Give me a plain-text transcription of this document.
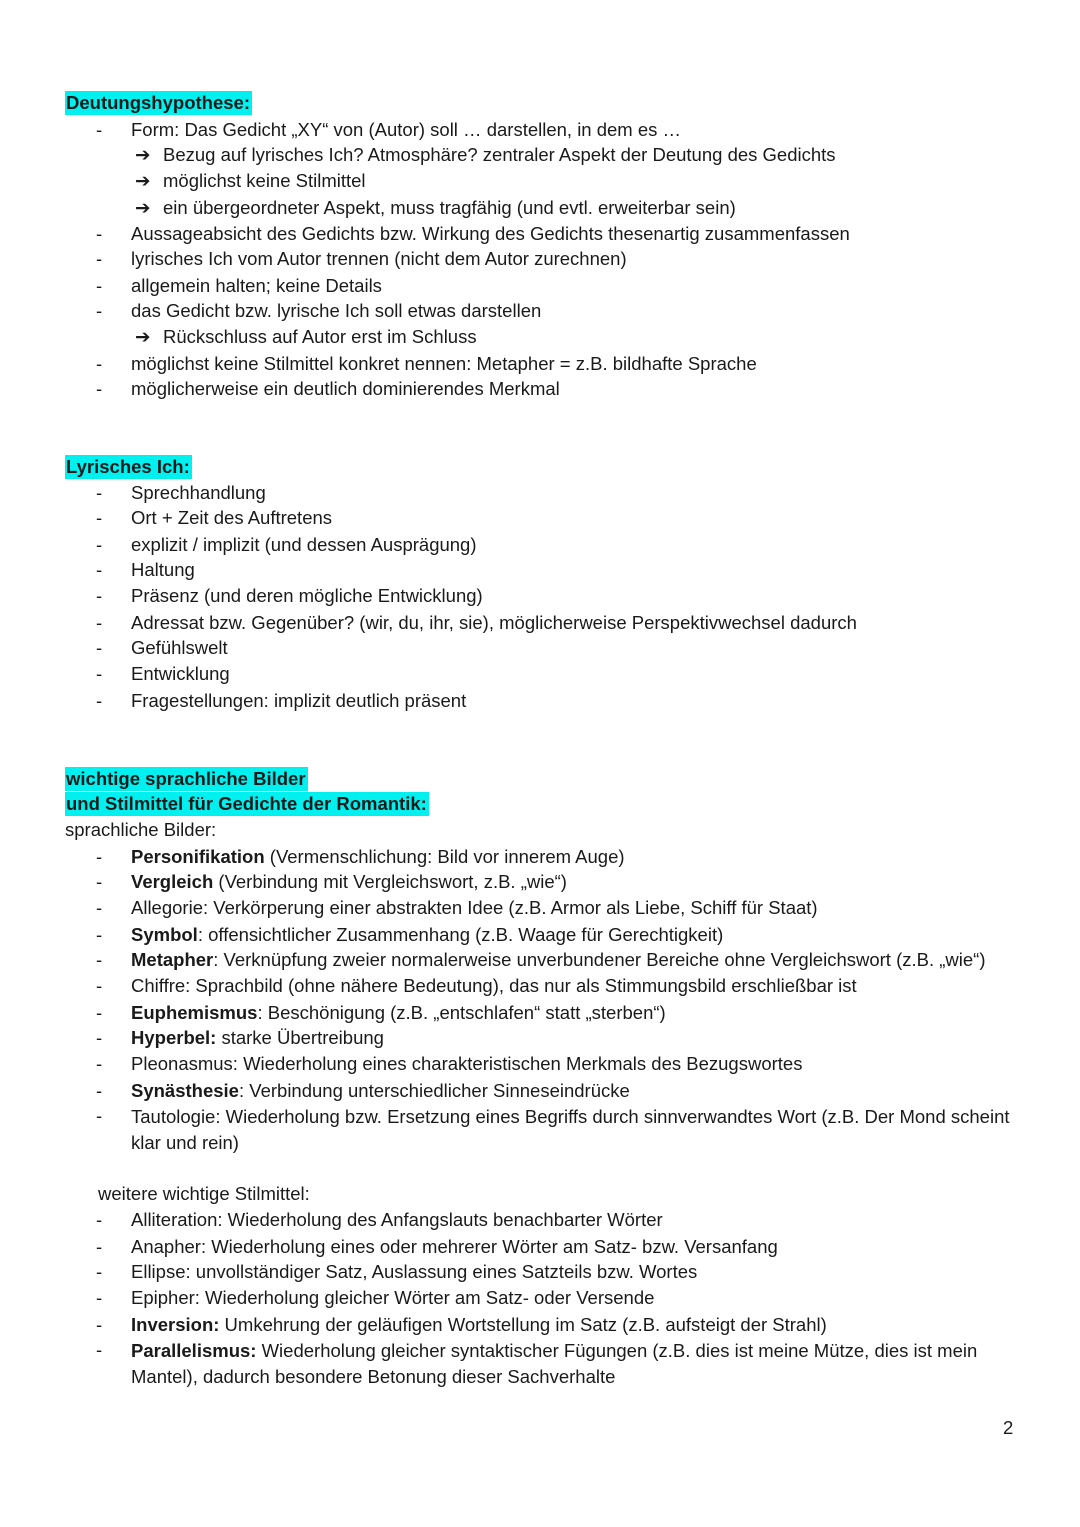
Deutungshypothese:
-	Form: Das Gedicht „XY“ von (Autor) soll … darstellen, in dem es …
➔ Bezug auf lyrisches Ich? Atmosphäre? zentraler Aspekt der Deutung des Gedichts
➔ möglichst keine Stilmittel
➔ ein übergeordneter Aspekt, muss tragfähig (und evtl. erweiterbar sein)
-	Aussageabsicht des Gedichts bzw. Wirkung des Gedichts thesenartig zusammenfassen
-	lyrisches Ich vom Autor trennen (nicht dem Autor zurechnen)
-	allgemein halten; keine Details
-	das Gedicht bzw. lyrische Ich soll etwas darstellen
➔ Rückschluss auf Autor erst im Schluss
-	möglichst keine Stilmittel konkret nennen: Metapher = z.B. bildhafte Sprache
-	möglicherweise ein deutlich dominierendes Merkmal
Lyrisches Ich:
-	Sprechhandlung
-	Ort + Zeit des Auftretens
-	explizit / implizit (und dessen Ausprägung)
-	Haltung
-	Präsenz (und deren mögliche Entwicklung)
-	Adressat bzw. Gegenüber? (wir, du, ihr, sie), möglicherweise Perspektivwechsel dadurch
-	Gefühlswelt
-	Entwicklung
-	Fragestellungen: implizit deutlich präsent
wichtige sprachliche Bilder
und Stilmittel für Gedichte der Romantik:
sprachliche Bilder:
-	Personifikation (Vermenschlichung: Bild vor innerem Auge)
-	Vergleich (Verbindung mit Vergleichswort, z.B. „wie“)
-	Allegorie: Verkörperung einer abstrakten Idee (z.B. Armor als Liebe, Schiff für Staat)
-	Symbol: offensichtlicher Zusammenhang (z.B. Waage für Gerechtigkeit)
-	Metapher: Verknüpfung zweier normalerweise unverbundener Bereiche ohne Vergleichswort (z.B. „wie“)
-	Chiffre: Sprachbild (ohne nähere Bedeutung), das nur als Stimmungsbild erschließbar ist
-	Euphemismus: Beschönigung (z.B. „entschlafen“ statt „sterben“)
-	Hyperbel: starke Übertreibung
-	Pleonasmus: Wiederholung eines charakteristischen Merkmals des Bezugswortes
-	Synästhesie: Verbindung unterschiedlicher Sinneseindrücke
-	Tautologie: Wiederholung bzw. Ersetzung eines Begriffs durch sinnverwandtes Wort (z.B. Der Mond scheint klar und rein)
weitere wichtige Stilmittel:
-	Alliteration: Wiederholung des Anfangslauts benachbarter Wörter
-	Anapher: Wiederholung eines oder mehrerer Wörter am Satz- bzw. Versanfang
-	Ellipse: unvollständiger Satz, Auslassung eines Satzteils bzw. Wortes
-	Epipher: Wiederholung gleicher Wörter am Satz- oder Versende
-	Inversion: Umkehrung der geläufigen Wortstellung im Satz (z.B. aufsteigt der Strahl)
-	Parallelismus: Wiederholung gleicher syntaktischer Fügungen (z.B. dies ist meine Mütze, dies ist mein Mantel), dadurch besondere Betonung dieser Sachverhalte
2
